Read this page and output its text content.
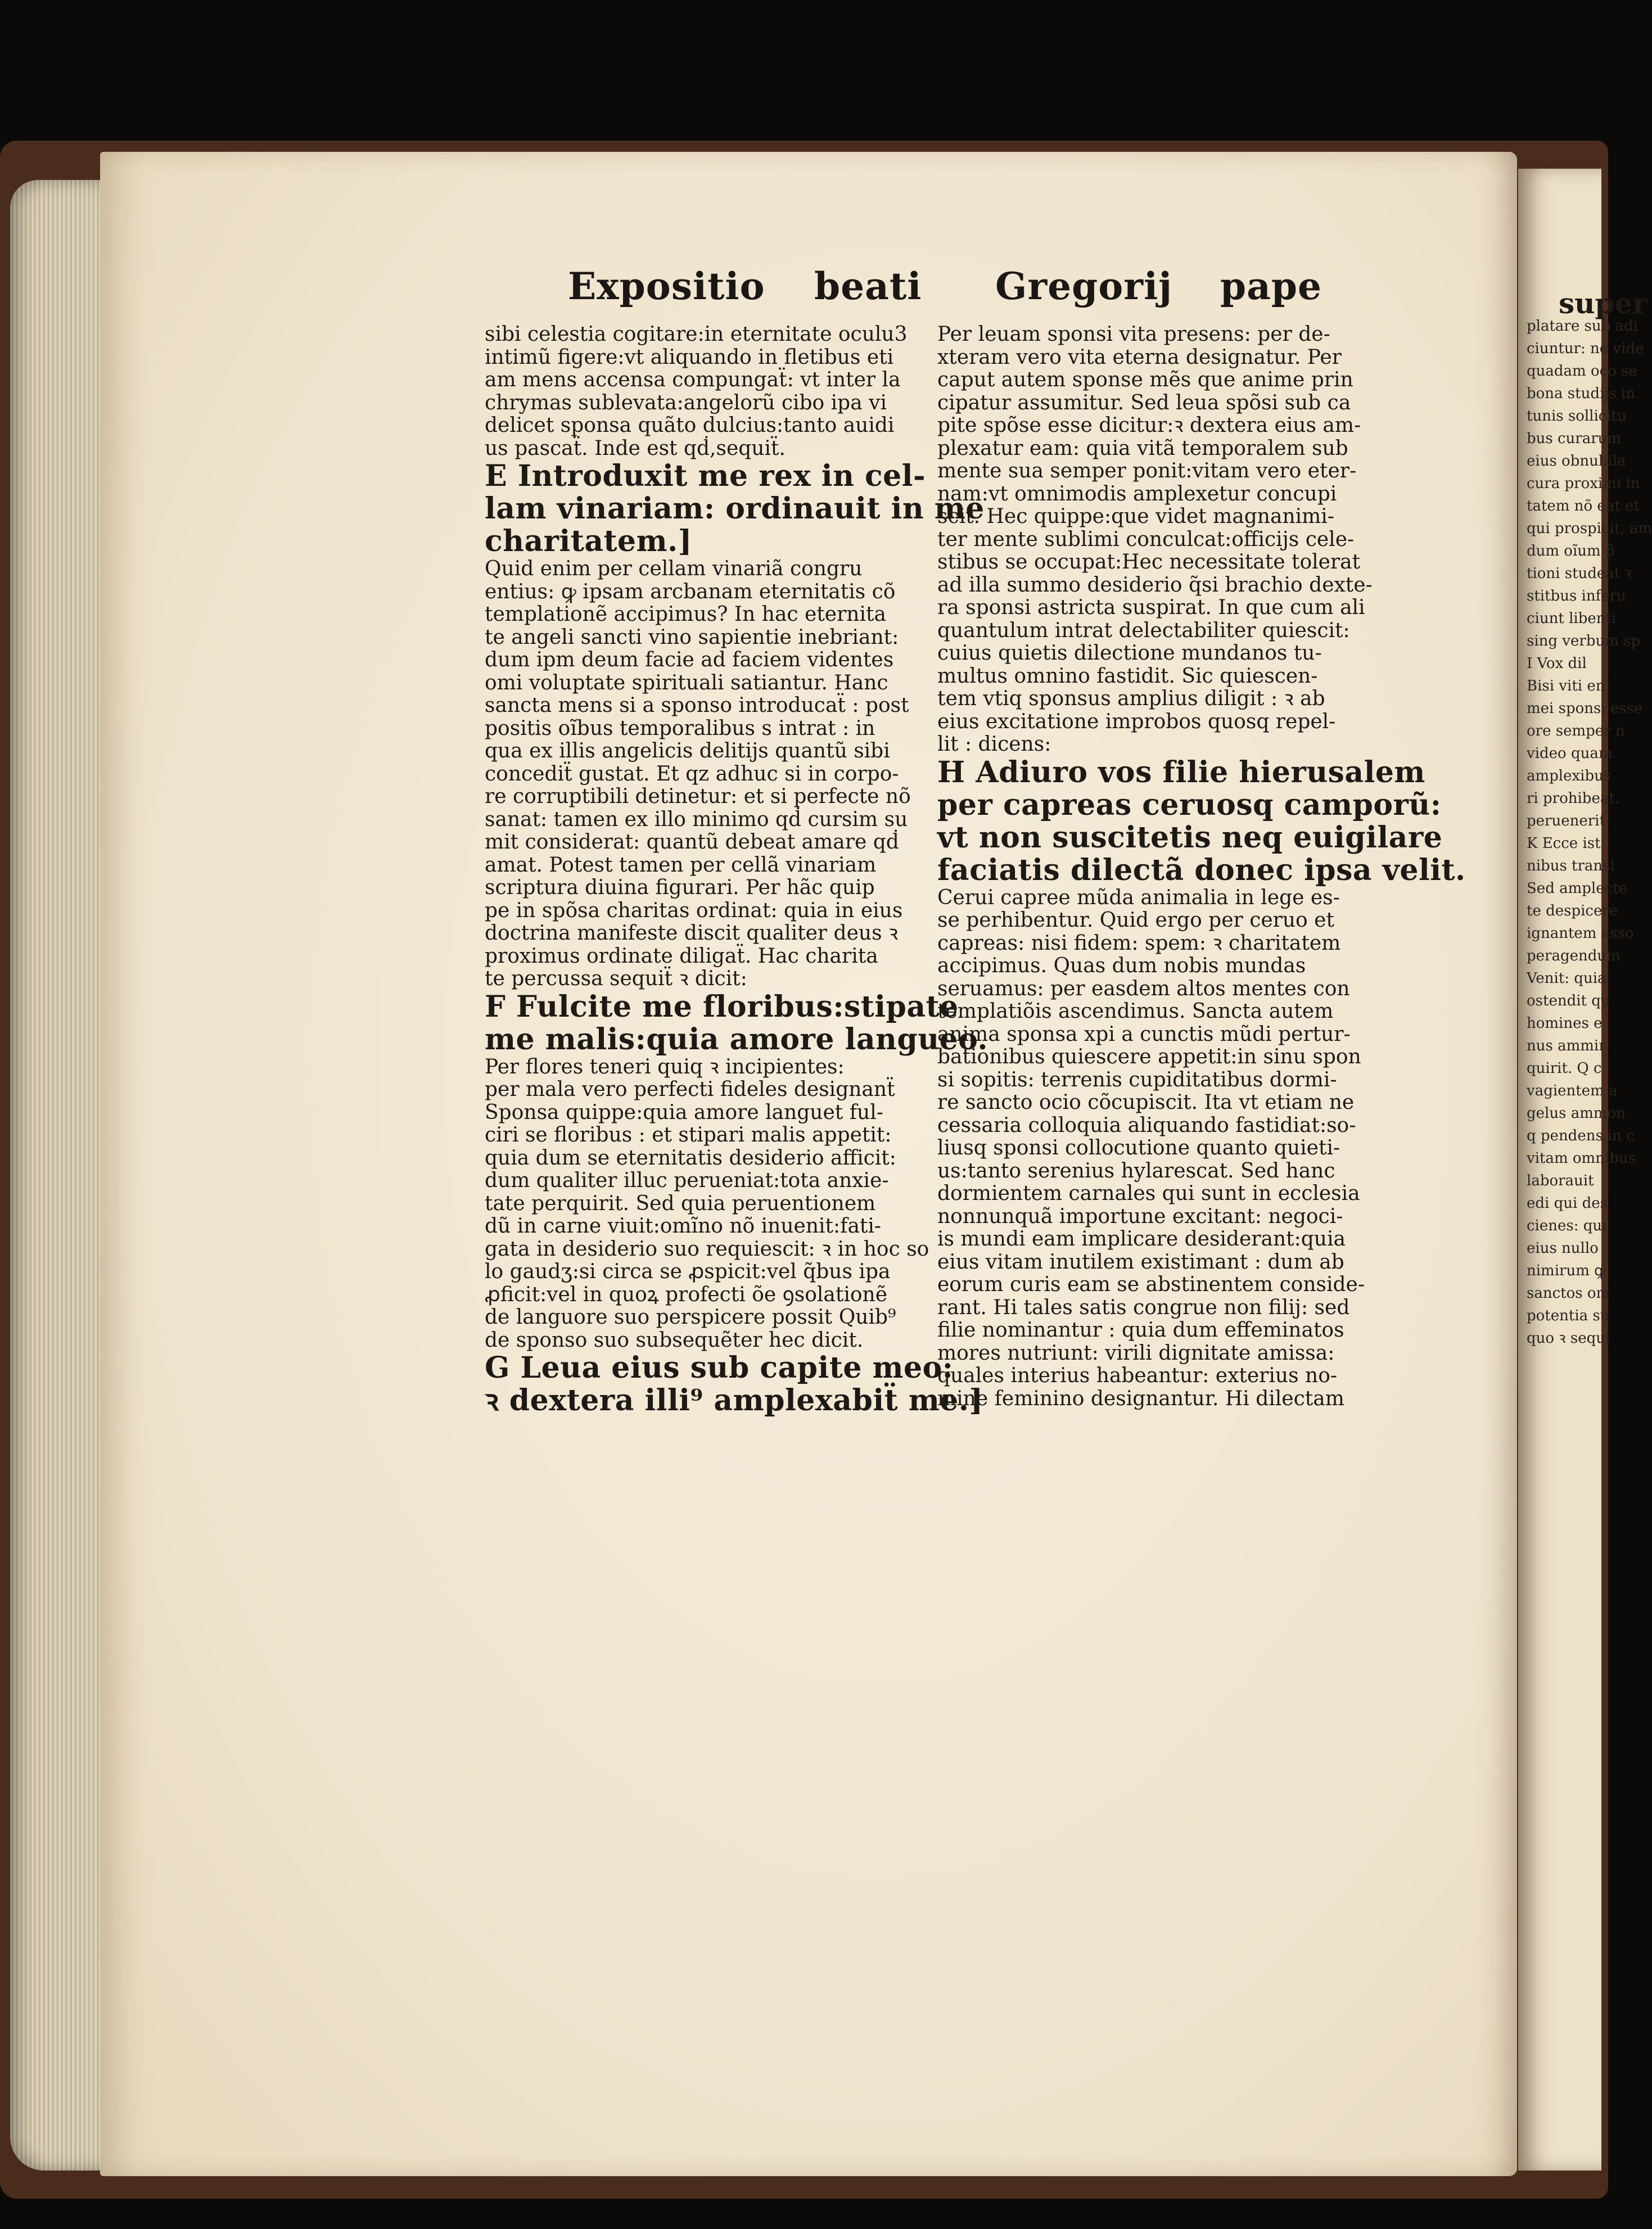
Expositio beati Gregorij pape
sibi celestia cogitare:in eternitate oculu3
intimũ figere:vt aliquando in fletibus eti
am mens accensa compungaẗ: vt inter la
chrymas sublevata:angelorũ cibo ipa vi
delicet sponsa quãto dulcius:tanto auidi
us pascaẗ. Inde est qḋ,sequiẗ.
E Introduxit me rex in cel‑
lam vinariam: ordinauit in me
charitatem.]
Quid enim per cellam vinariã congru
entius: ꝙ ipsam arcbanam eternitatis cõ
templationẽ accipimus? In hac eternita
te angeli sancti vino sapientie inebriant:
dum ipm deum facie ad faciem videntes
omi voluptate spirituali satiantur. Hanc
sancta mens si a sponso introducaẗ : post
positis oĩbus temporalibus s intrat : in
qua ex illis angelicis delitijs quantũ sibi
concediẗ gustat. Et qz adhuc si in corpo‑
re corruptibili detinetur: et si perfecte nõ
sanat: tamen ex illo minimo qḋ cursim su
mit considerat: quantũ debeat amare qḋ
amat. Potest tamen per cellã vinariam
scriptura diuina figurari. Per hãc quip
pe in spõsa charitas ordinat: quia in eius
doctrina manifeste discit qualiter deus ꝛ
proximus ordinate diligaẗ. Hac charita
te percussa sequiẗ ꝛ dicit:
F Fulcite me floribus:stipate
me malis:quia amore langueo.
Per flores teneri quiq ꝛ incipientes:
per mala vero perfecti fideles designanẗ
Sponsa quippe:quia amore languet ful‑
ciri se floribus : et stipari malis appetit:
quia dum se eternitatis desiderio afficit:
dum qualiter illuc perueniat:tota anxie‑
tate perquirit. Sed quia peruentionem
dũ in carne viuit:omĩno nõ inuenit:fati‑
gata in desiderio suo requiescit: ꝛ in hoc so
lo gaudʒ:si circa se ꝓspicit:vel q̃bus ipa
ꝓficit:vel in quoꝝ profecti õe ꝯsolationẽ
de languore suo perspicere possit Quib⁹
de sponso suo subsequẽter hec dicit.
G Leua eius sub capite meo:
ꝛ dextera illi⁹ amplexabiẗ me.]
Per leuam sponsi vita presens: per de‑
xteram vero vita eterna designatur. Per
caput autem sponse mẽs que anime prin
cipatur assumitur. Sed leua spõsi sub ca
pite spõse esse dicitur:ꝛ dextera eius am‑
plexatur eam: quia vitã temporalem sub
mente sua semper ponit:vitam vero eter‑
nam:vt omnimodis amplexetur concupi
scit. Hec quippe:que videt magnanimi‑
ter mente sublimi conculcat:officijs cele‑
stibus se occupat:Hec necessitate tolerat
ad illa summo desiderio q̃si brachio dexte‑
ra sponsi astricta suspirat. In que cum ali
quantulum intrat delectabiliter quiescit:
cuius quietis dilectione mundanos tu‑
multus omnino fastidit. Sic quiescen‑
tem vtiq sponsus amplius diligit : ꝛ ab
eius excitatione improbos quosq repel‑
lit : dicens:
H Adiuro vos filie hierusalem
per capreas ceruosq camporũ:
vt non suscitetis neq euigilare
faciatis dilectã donec ipsa velit.
Cerui capree mũda animalia in lege es‑
se perhibentur. Quid ergo per ceruo et
capreas: nisi fidem: spem: ꝛ charitatem
accipimus. Quas dum nobis mundas
seruamus: per easdem altos mentes con
templatiõis ascendimus. Sancta autem
anima sponsa xpi a cunctis mũdi pertur‑
bationibus quiescere appetit:in sinu spon
si sopitis: terrenis cupiditatibus dormi‑
re sancto ocio cõcupiscit. Ita vt etiam ne
cessaria colloquia aliquando fastidiat:so‑
liusq sponsi collocutione quanto quieti‑
us:tanto serenius hylarescat. Sed hanc
dormientem carnales qui sunt in ecclesia
nonnunquã importune excitant: negoci‑
is mundi eam implicare desiderant:quia
eius vitam inutilem existimant : dum ab
eorum curis eam se abstinentem conside‑
rant. Hi tales satis congrue non filij: sed
filie nominantur : quia dum effeminatos
mores nutriunt: virili dignitate amissa:
quales interius habeantur: exterius no‑
mine feminino designantur. Hi dilectam
super
platare sub adi
ciuntur: ne vide
quadam oco se
bona studijs in
tunis sollicitu
bus curarum
eius obnubila
cura proximi in
tatem nõ eat et
qui prospicit, am
dum oĩum p̃
tioni studeat ꝛ
stitbus inferu
ciunt libenti
sing verbum sp
I Vox dil
Bisi viti en
mei sponsi esse
ore semper n
video quam
amplexibus
ri prohibeat.
peruenerit
K Ecce ist
nibus transi
Sed amplecte
te despicere
ignantem asso
peragendum
Venit: quia
ostendit qu
homines e
nus ammir
quirit. Q c
vagientem a
gelus ammon
q pendens in c
vitam omnibus
laborauit
edi qui des
cienes: qui
eius nullo
nimirum ꝙ
sanctos om
potentia su
quo ꝛ sequi
